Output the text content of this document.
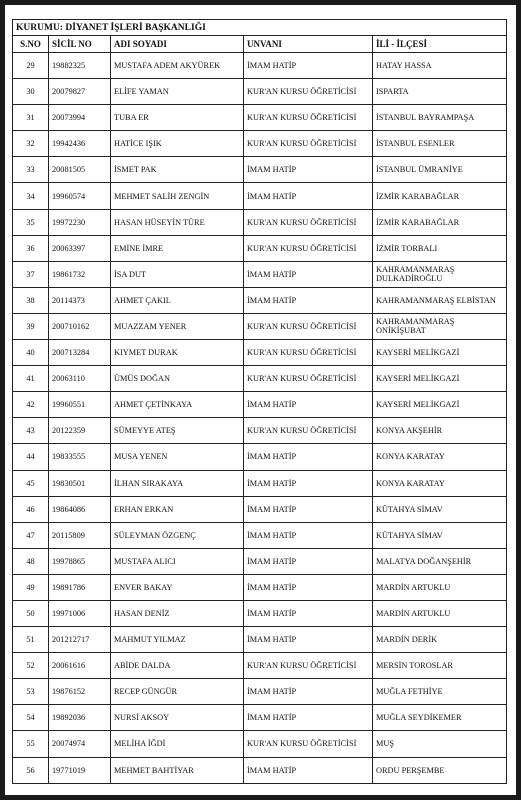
KURUMU: DİYANET İŞLERİ BAŞKANLIĞI				
S.NO	SİCİL NO	ADI SOYADI	UNVANI	İLİ - İLÇESİ
29	19882325	MUSTAFA ADEM AKYÜREK	İMAM HATİP	HATAY HASSA
30	20079827	ELİFE YAMAN	KUR'AN KURSU ÖĞRETİCİSİ	ISPARTA
31	20073994	TUBA ER	KUR'AN KURSU ÖĞRETİCİSİ	İSTANBUL BAYRAMPAŞA
32	19942436	HATİCE IŞIK	KUR'AN KURSU ÖĞRETİCİSİ	İSTANBUL ESENLER
33	20081505	İSMET PAK	İMAM HATİP	İSTANBUL ÜMRANİYE
34	19960574	MEHMET SALİH ZENGİN	İMAM HATİP	İZMİR KARABAĞLAR
35	19972230	HASAN HÜSEYİN TÜRE	KUR'AN KURSU ÖĞRETİCİSİ	İZMİR KARABAĞLAR
36	20063397	EMİNE İMRE	KUR'AN KURSU ÖĞRETİCİSİ	İZMİR TORBALI
37	19861732	İSA DUT	İMAM HATİP	KAHRAMANMARAŞ DULKADİROĞLU
38	20114373	AHMET ÇAKIL	İMAM HATİP	KAHRAMANMARAŞ ELBİSTAN
39	200710162	MUAZZAM YENER	KUR'AN KURSU ÖĞRETİCİSİ	KAHRAMANMARAŞ ONİKİŞUBAT
40	200713284	KIYMET DURAK	KUR'AN KURSU ÖĞRETİCİSİ	KAYSERİ MELİKGAZİ
41	20063110	ÜMÜS DOĞAN	KUR'AN KURSU ÖĞRETİCİSİ	KAYSERİ MELİKGAZİ
42	19960551	AHMET ÇETİNKAYA	İMAM HATİP	KAYSERİ MELİKGAZİ
43	20122359	SÜMEYYE ATEŞ	KUR'AN KURSU ÖĞRETİCİSİ	KONYA AKŞEHİR
44	19833555	MUSA YENEN	İMAM HATİP	KONYA KARATAY
45	19830501	İLHAN SIRAKAYA	İMAM HATİP	KONYA KARATAY
46	19864086	ERHAN ERKAN	İMAM HATİP	KÜTAHYA SİMAV
47	20115809	SÜLEYMAN ÖZGENÇ	İMAM HATİP	KÜTAHYA SİMAV
48	19978865	MUSTAFA ALICI	İMAM HATİP	MALATYA DOĞANŞEHİR
49	19891786	ENVER BAKAY	İMAM HATİP	MARDİN ARTUKLU
50	19971006	HASAN DENİZ	İMAM HATİP	MARDİN ARTUKLU
51	201212717	MAHMUT YILMAZ	İMAM HATİP	MARDİN DERİK
52	20061616	ABİDE DALDA	KUR'AN KURSU ÖĞRETİCİSİ	MERSİN TOROSLAR
53	19876152	RECEP GÜNGÜR	İMAM HATİP	MUĞLA FETHİYE
54	19892036	NURSİ AKSOY	İMAM HATİP	MUĞLA SEYDİKEMER
55	20074974	MELİHA İĞDİ	KUR'AN KURSU ÖĞRETİCİSİ	MUŞ
56	19771019	MEHMET BAHTİYAR	İMAM HATİP	ORDU PERŞEMBE
